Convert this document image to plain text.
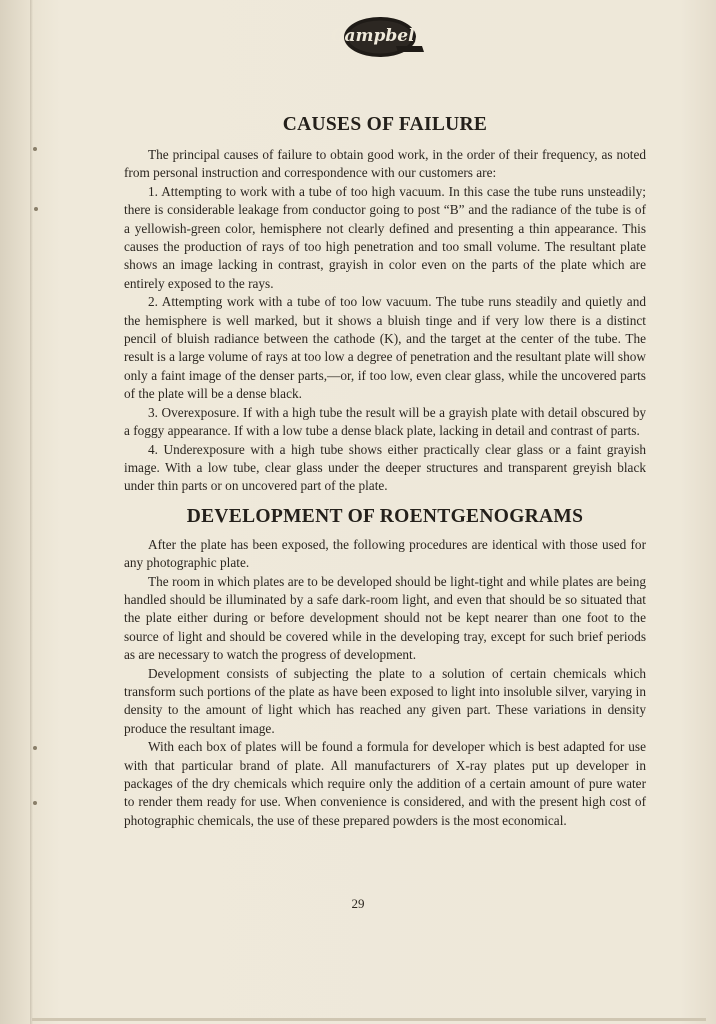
Campbell
CAUSES OF FAILURE

The principal causes of failure to obtain good work, in the order of their frequency, as noted from personal instruction and correspondence with our customers are:

1. Attempting to work with a tube of too high vacuum. In this case the tube runs unsteadily; there is considerable leakage from conductor going to post “B” and the radiance of the tube is of a yellowish-green color, hemisphere not clearly defined and presenting a thin appearance. This causes the production of rays of too high penetration and too small volume. The resultant plate shows an image lacking in contrast, grayish in color even on the parts of the plate which are entirely exposed to the rays.

2. Attempting work with a tube of too low vacuum. The tube runs steadily and quietly and the hemisphere is well marked, but it shows a bluish tinge and if very low there is a distinct pencil of bluish radiance between the cathode (K), and the target at the center of the tube. The result is a large volume of rays at too low a degree of penetration and the resultant plate will show only a faint image of the denser parts,—or, if too low, even clear glass, while the uncovered parts of the plate will be a dense black.

3. Overexposure. If with a high tube the result will be a grayish plate with detail obscured by a foggy appearance. If with a low tube a dense black plate, lacking in detail and contrast of parts.

4. Underexposure with a high tube shows either practically clear glass or a faint grayish image. With a low tube, clear glass under the deeper structures and transparent greyish black under thin parts or on uncovered part of the plate.

DEVELOPMENT OF ROENTGENOGRAMS

After the plate has been exposed, the following procedures are identical with those used for any photographic plate.

The room in which plates are to be developed should be light-tight and while plates are being handled should be illuminated by a safe dark-room light, and even that should be so situated that the plate either during or before development should not be kept nearer than one foot to the source of light and should be covered while in the developing tray, except for such brief periods as are necessary to watch the progress of development.

Development consists of subjecting the plate to a solution of certain chemicals which transform such portions of the plate as have been exposed to light into insoluble silver, varying in density to the amount of light which has reached any given part. These variations in density produce the resultant image.

With each box of plates will be found a formula for developer which is best adapted for use with that particular brand of plate. All manufacturers of X-ray plates put up developer in packages of the dry chemicals which require only the addition of a certain amount of pure water to render them ready for use. When convenience is considered, and with the present high cost of photographic chemicals, the use of these prepared powders is the most economical.

29
